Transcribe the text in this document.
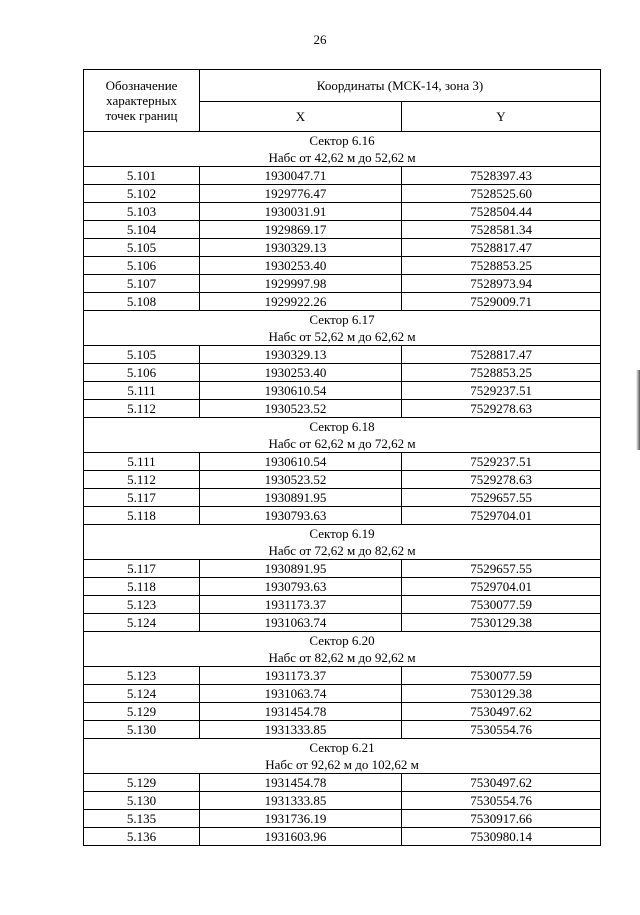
26
Обозначение
характерных
точек границ	Координаты (МСК-14, зона 3)	
	X	Y
Сектор 6.16
Набс от 42,62 м до 52,62 м		
5.101	1930047.71	7528397.43
5.102	1929776.47	7528525.60
5.103	1930031.91	7528504.44
5.104	1929869.17	7528581.34
5.105	1930329.13	7528817.47
5.106	1930253.40	7528853.25
5.107	1929997.98	7528973.94
5.108	1929922.26	7529009.71
Сектор 6.17
Набс от 52,62 м до 62,62 м		
5.105	1930329.13	7528817.47
5.106	1930253.40	7528853.25
5.111	1930610.54	7529237.51
5.112	1930523.52	7529278.63
Сектор 6.18
Набс от 62,62 м до 72,62 м		
5.111	1930610.54	7529237.51
5.112	1930523.52	7529278.63
5.117	1930891.95	7529657.55
5.118	1930793.63	7529704.01
Сектор 6.19
Набс от 72,62 м до 82,62 м		
5.117	1930891.95	7529657.55
5.118	1930793.63	7529704.01
5.123	1931173.37	7530077.59
5.124	1931063.74	7530129.38
Сектор 6.20
Набс от 82,62 м до 92,62 м		
5.123	1931173.37	7530077.59
5.124	1931063.74	7530129.38
5.129	1931454.78	7530497.62
5.130	1931333.85	7530554.76
Сектор 6.21
Набс от 92,62 м до 102,62 м		
5.129	1931454.78	7530497.62
5.130	1931333.85	7530554.76
5.135	1931736.19	7530917.66
5.136	1931603.96	7530980.14
